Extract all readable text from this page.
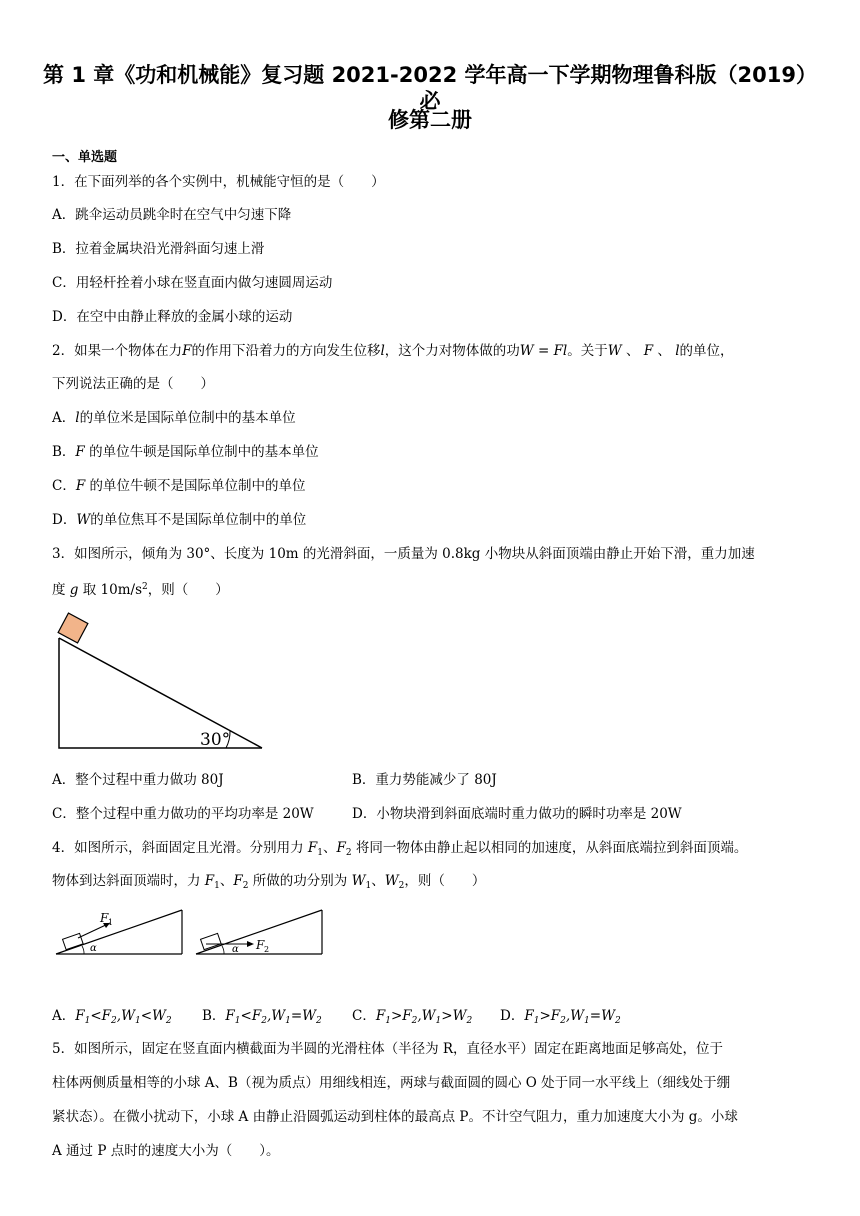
第 1 章《功和机械能》复习题 2021-2022 学年高一下学期物理鲁科版（2019）必
修第二册
一、单选题
1．在下面列举的各个实例中，机械能守恒的是（　　）
A．跳伞运动员跳伞时在空气中匀速下降
B．拉着金属块沿光滑斜面匀速上滑
C．用轻杆拴着小球在竖直面内做匀速圆周运动
D．在空中由静止释放的金属小球的运动
2．如果一个物体在力F的作用下沿着力的方向发生位移l，这个力对物体做的功W = Fl。关于W 、 F 、 l的单位，
下列说法正确的是（　　）
A．l的单位米是国际单位制中的基本单位
B．F 的单位牛顿是国际单位制中的基本单位
C．F 的单位牛顿不是国际单位制中的单位
D．W的单位焦耳不是国际单位制中的单位
3．如图所示，倾角为 30°、长度为 10m 的光滑斜面，一质量为 0.8kg 小物块从斜面顶端由静止开始下滑，重力加速
度 g 取 $10m/s^2$，则（　　）
30°
A．整个过程中重力做功 80J	B．重力势能减少了 80J
C．整个过程中重力做功的平均功率是 20W	D．小物块滑到斜面底端时重力做功的瞬时功率是 20W
4．如图所示，斜面固定且光滑。分别用力 $F_1$、$F_2$ 将同一物体由静止起以相同的加速度，从斜面底端拉到斜面顶端。
物体到达斜面顶端时，力 $F_1$、$F_2$ 所做的功分别为 $W_1$、$W_2$，则（　　）
α
F 1
α F 2
A．$F_1<F_2,W_1<W_2$ B．$F_1<F_2,W_1=W_2$ C．$F_1>F_2,W_1>W_2$ D．$F_1>F_2,W_1=W_2$
5．如图所示，固定在竖直面内横截面为半圆的光滑柱体（半径为 R，直径水平）固定在距离地面足够高处，位于
柱体两侧质量相等的小球 A、B（视为质点）用细线相连，两球与截面圆的圆心 O 处于同一水平线上（细线处于绷
紧状态）。在微小扰动下，小球 A 由静止沿圆弧运动到柱体的最高点 P。不计空气阻力，重力加速度大小为 g。小球
A 通过 P 点时的速度大小为（　　）。
